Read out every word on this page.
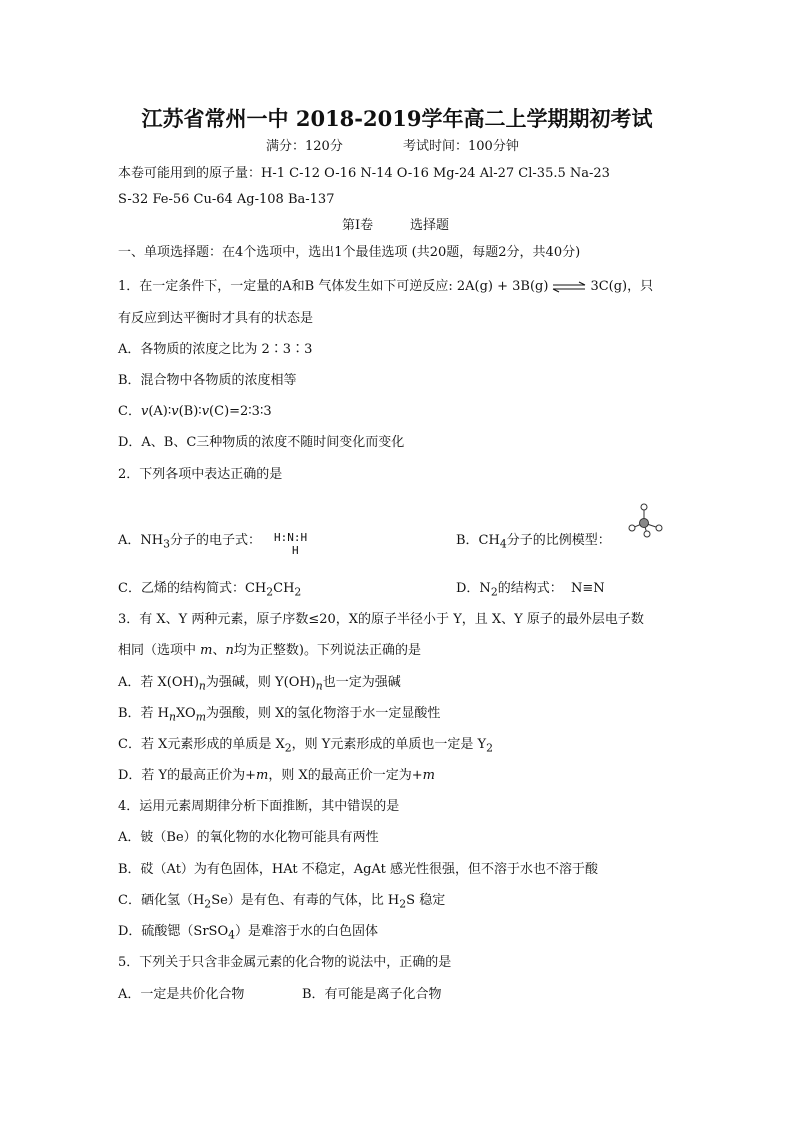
江苏省常州一中 2018-2019学年高二上学期期初考试
满分：120分	考试时间：100分钟
本卷可能用到的原子量：H-1 C-12 O-16 N-14 O-16 Mg-24 Al-27 Cl-35.5 Na-23
S-32 Fe-56 Cu-64 Ag-108 Ba-137
第Ⅰ卷	选择题
一、单项选择题：在4个选项中，选出1个最佳选项 (共20题，每题2分，共40分)
1．在一定条件下，一定量的A和B 气体发生如下可逆反应: 2A(g) + 3B(g) ⇌ 3C(g)，只
有反应到达平衡时才具有的状态是
A．各物质的浓度之比为 2∶3∶3
B．混合物中各物质的浓度相等
C．v(A)∶v(B)∶v(C)=2∶3∶3
D．A、B、C三种物质的浓度不随时间变化而变化
2．下列各项中表达正确的是
A．$NH_3$分子的电子式： H:N:H
H
B．$CH_4$分子的比例模型：
C．乙烯的结构简式：$CH_2CH_2$	D．$N_2$的结构式： N≡N
3．有 X、Y 两种元素，原子序数≤20，X的原子半径小于 Y，且 X、Y 原子的最外层电子数
相同（选项中 m、n均为正整数)。下列说法正确的是
A．若 $X(OH)_n$为强碱，则 $Y(OH)_n$也一定为强碱
B．若 $H_nXO_m$为强酸，则 X的氢化物溶于水一定显酸性
C．若 X元素形成的单质是 $X_2$，则 Y元素形成的单质也一定是 $Y_2$
D．若 Y的最高正价为+m，则 X的最高正价一定为+m
4．运用元素周期律分析下面推断，其中错误的是
A．铍（Be）的氧化物的水化物可能具有两性
B．砹（At）为有色固体，HAt 不稳定，AgAt 感光性很强，但不溶于水也不溶于酸
C．硒化氢$(H_2Se)$是有色、有毒的气体，比 $H_2S$ 稳定
D．硫酸锶（SrSO$_4$）是难溶于水的白色固体
5．下列关于只含非金属元素的化合物的说法中，正确的是
A．一定是共价化合物	B．有可能是离子化合物
